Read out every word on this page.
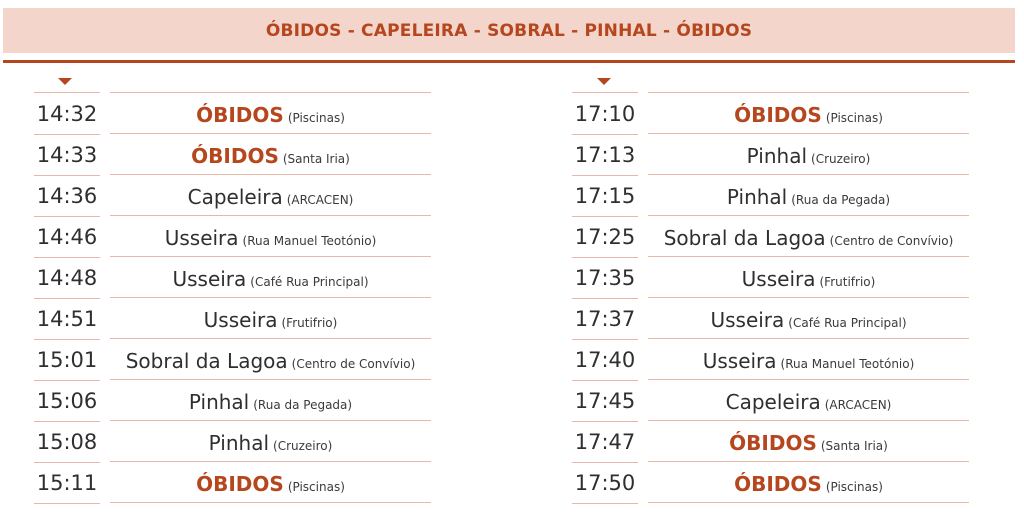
ÓBIDOS - CAPELEIRA - SOBRAL - PINHAL - ÓBIDOS
14:32	ÓBIDOS (Piscinas)
14:33	ÓBIDOS (Santa Iria)
14:36	Capeleira (ARCACEN)
14:46	Usseira (Rua Manuel Teotónio)
14:48	Usseira (Café Rua Principal)
14:51	Usseira (Frutifrio)
15:01 Sobral da Lagoa (Centro de Convívio)
15:06	Pinhal (Rua da Pegada)
15:08	Pinhal (Cruzeiro)
15:11	ÓBIDOS (Piscinas)
17:10	ÓBIDOS (Piscinas)
17:13	Pinhal (Cruzeiro)
17:15	Pinhal (Rua da Pegada)
17:25 Sobral da Lagoa (Centro de Convívio)
17:35	Usseira (Frutifrio)
17:37	Usseira (Café Rua Principal)
17:40	Usseira (Rua Manuel Teotónio)
17:45	Capeleira (ARCACEN)
17:47	ÓBIDOS (Santa Iria)
17:50	ÓBIDOS (Piscinas)
